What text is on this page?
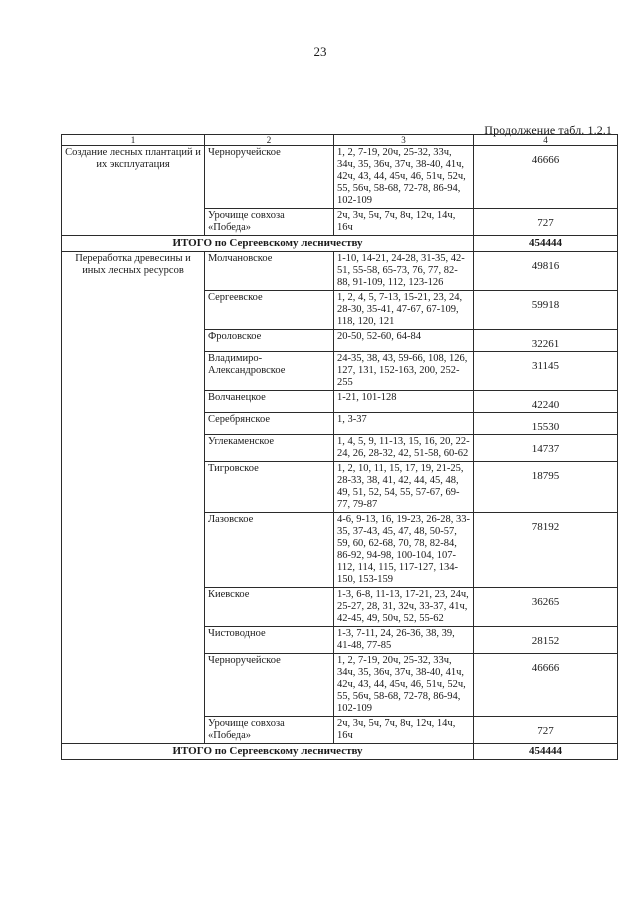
23
Продолжение табл. 1.2.1
1	2	3	4
Создание лесных плантаций и их эксплуатация	Черноручейское	1, 2, 7-19, 20ч, 25-32, 33ч, 34ч, 35, 36ч, 37ч, 38-40, 41ч, 42ч, 43, 44, 45ч, 46, 51ч, 52ч, 55, 56ч, 58-68, 72-78, 86-94, 102-109	46666
	Урочище совхоза «Победа»	2ч, 3ч, 5ч, 7ч, 8ч, 12ч, 14ч, 16ч	727
ИТОГО по Сергеевскому лесничеству			454444
Переработка древесины и иных лесных ресурсов	Молчановское	1-10, 14-21, 24-28, 31-35, 42-51, 55-58, 65-73, 76, 77, 82-88, 91-109, 112, 123-126	49816
	Сергеевское	1, 2, 4, 5, 7-13, 15-21, 23, 24, 28-30, 35-41, 47-67, 67-109, 118, 120, 121	59918
	Фроловское	20-50, 52-60, 64-84	32261
	Владимиро-Александровское	24-35, 38, 43, 59-66, 108, 126, 127, 131, 152-163, 200, 252-255	31145
	Волчанецкое	1-21, 101-128	42240
	Серебрянское	1, 3-37	15530
	Углекаменское	1, 4, 5, 9, 11-13, 15, 16, 20, 22-24, 26, 28-32, 42, 51-58, 60-62	14737
	Тигровское	1, 2, 10, 11, 15, 17, 19, 21-25, 28-33, 38, 41, 42, 44, 45, 48, 49, 51, 52, 54, 55, 57-67, 69-77, 79-87	18795
	Лазовское	4-6, 9-13, 16, 19-23, 26-28, 33-35, 37-43, 45, 47, 48, 50-57, 59, 60, 62-68, 70, 78, 82-84, 86-92, 94-98, 100-104, 107-112, 114, 115, 117-127, 134-150, 153-159	78192
	Киевское	1-3, 6-8, 11-13, 17-21, 23, 24ч, 25-27, 28, 31, 32ч, 33-37, 41ч, 42-45, 49, 50ч, 52, 55-62	36265
	Чистоводное	1-3, 7-11, 24, 26-36, 38, 39, 41-48, 77-85	28152
	Черноручейское	1, 2, 7-19, 20ч, 25-32, 33ч, 34ч, 35, 36ч, 37ч, 38-40, 41ч, 42ч, 43, 44, 45ч, 46, 51ч, 52ч, 55, 56ч, 58-68, 72-78, 86-94, 102-109	46666
	Урочище совхоза «Победа»	2ч, 3ч, 5ч, 7ч, 8ч, 12ч, 14ч, 16ч	727
ИТОГО по Сергеевскому лесничеству			454444
